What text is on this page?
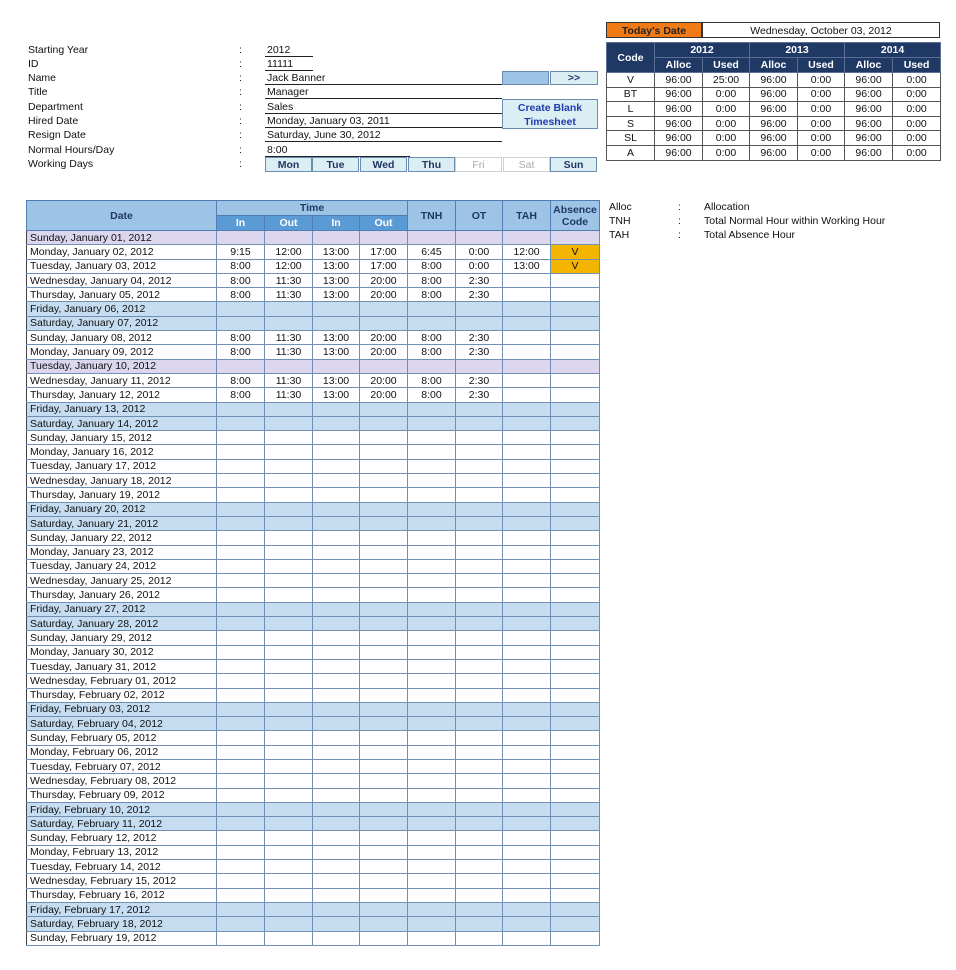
Starting Year	: 2012
ID	: 11111
Name	: Jack Banner
Title	: Manager
Department	: Sales
Hired Date	: Monday, January 03, 2011
Resign Date	: Saturday, June 30, 2012
Normal Hours/Day	: 8:00
Working Days	:	Mon	Tue	Wed	Thu	Fri	Sat	Sun
>>
Create Blank
Timesheet
Today's Date	Wednesday, October 03, 2012
Code	2012		2013		2014	
	Alloc	Used	Alloc	Used	Alloc	Used
V	96:00	25:00	96:00	0:00	96:00	0:00
BT	96:00	0:00	96:00	0:00	96:00	0:00
L	96:00	0:00	96:00	0:00	96:00	0:00
S	96:00	0:00	96:00	0:00	96:00	0:00
SL	96:00	0:00	96:00	0:00	96:00	0:00
A	96:00	0:00	96:00	0:00	96:00	0:00
Alloc	: Allocation
TNH	: Total Normal Hour within Working Hour
TAH	: Total Absence Hour
Date	Time				TNH	OT	TAH	Absence
Code

	In	Out	In	Out				
Sunday, January 01, 2012								
Monday, January 02, 2012	9:15	12:00	13:00	17:00	6:45	0:00	12:00	V
Tuesday, January 03, 2012	8:00	12:00	13:00	17:00	8:00	0:00	13:00	V
Wednesday, January 04, 2012	8:00	11:30	13:00	20:00	8:00	2:30		
Thursday, January 05, 2012	8:00	11:30	13:00	20:00	8:00	2:30		
Friday, January 06, 2012								
Saturday, January 07, 2012								
Sunday, January 08, 2012	8:00	11:30	13:00	20:00	8:00	2:30		
Monday, January 09, 2012	8:00	11:30	13:00	20:00	8:00	2:30		
Tuesday, January 10, 2012								
Wednesday, January 11, 2012	8:00	11:30	13:00	20:00	8:00	2:30		
Thursday, January 12, 2012	8:00	11:30	13:00	20:00	8:00	2:30		
Friday, January 13, 2012								
Saturday, January 14, 2012								
Sunday, January 15, 2012								
Monday, January 16, 2012								
Tuesday, January 17, 2012								
Wednesday, January 18, 2012								
Thursday, January 19, 2012								
Friday, January 20, 2012								
Saturday, January 21, 2012								
Sunday, January 22, 2012								
Monday, January 23, 2012								
Tuesday, January 24, 2012								
Wednesday, January 25, 2012								
Thursday, January 26, 2012								
Friday, January 27, 2012								
Saturday, January 28, 2012								
Sunday, January 29, 2012								
Monday, January 30, 2012								
Tuesday, January 31, 2012								
Wednesday, February 01, 2012								
Thursday, February 02, 2012								
Friday, February 03, 2012								
Saturday, February 04, 2012								
Sunday, February 05, 2012								
Monday, February 06, 2012								
Tuesday, February 07, 2012								
Wednesday, February 08, 2012								
Thursday, February 09, 2012								
Friday, February 10, 2012								
Saturday, February 11, 2012								
Sunday, February 12, 2012								
Monday, February 13, 2012								
Tuesday, February 14, 2012								
Wednesday, February 15, 2012								
Thursday, February 16, 2012								
Friday, February 17, 2012								
Saturday, February 18, 2012								
Sunday, February 19, 2012								
